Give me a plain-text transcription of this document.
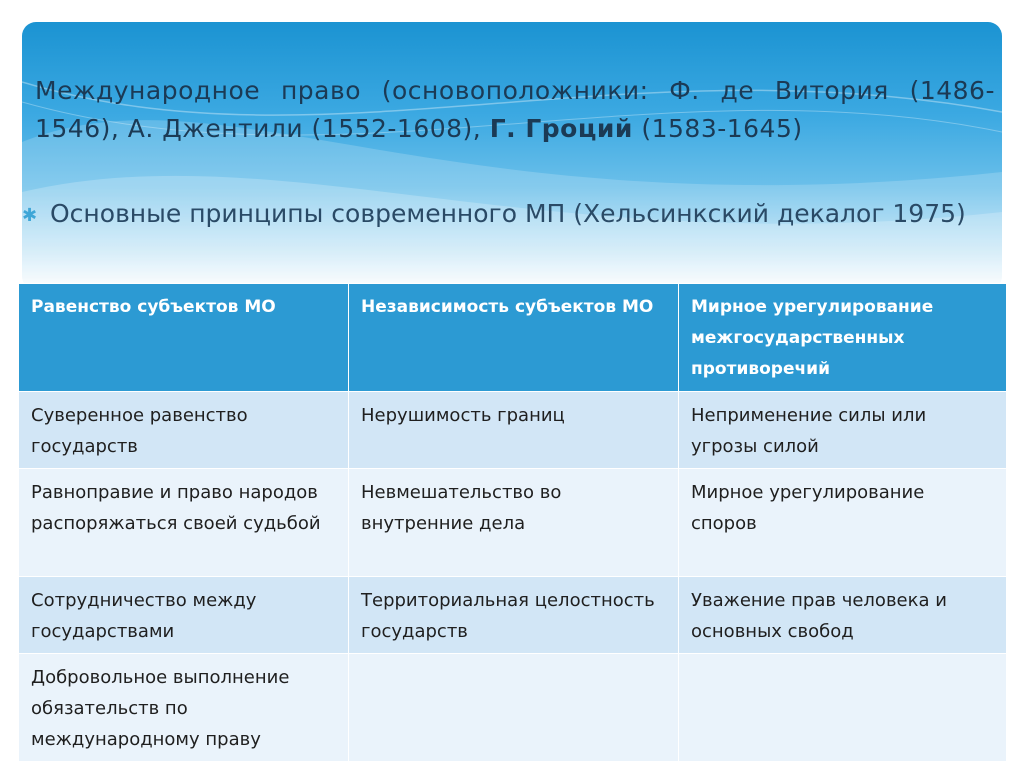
Международное право (основоположники: Ф. де Витория (1486-1546), А. Джентили (1552-1608), Г. Гроций (1583-1645)
✱ Основные принципы современного МП (Хельсинкский декалог 1975)
Равенство субъектов МО	Независимость субъектов МО	Мирное урегулирование межгосударственных противоречий
Суверенное равенство государств	Нерушимость границ	Неприменение силы или угрозы силой
Равноправие и право народов распоряжаться своей судьбой	Невмешательство во внутренние дела	Мирное урегулирование споров
Сотрудничество между государствами	Территориальная целостность государств	Уважение прав человека и основных свобод
Добровольное выполнение обязательств по международному праву		
